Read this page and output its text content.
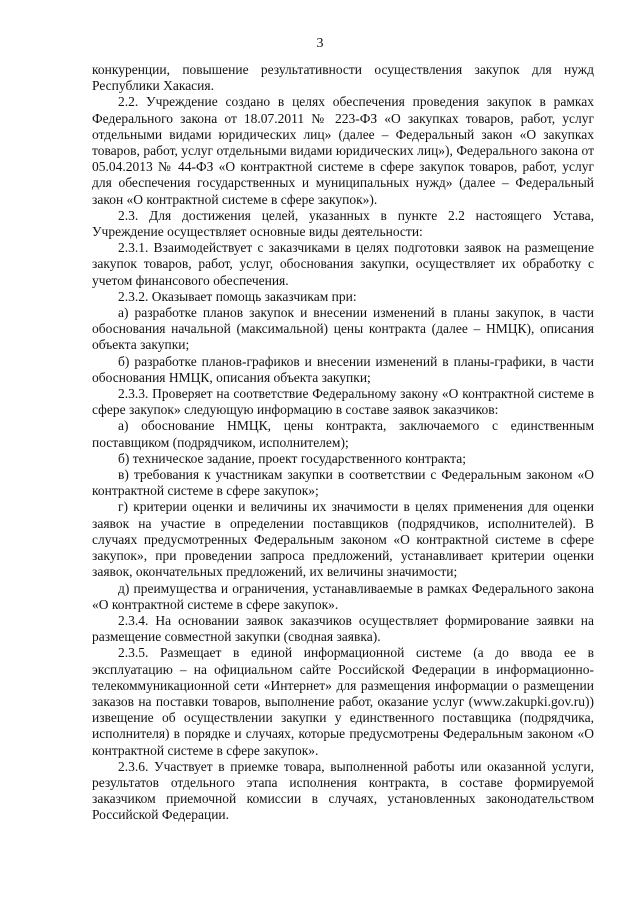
3

конкуренции, повышение результативности осуществления закупок для нужд Республики Хакасия.

2.2. Учреждение создано в целях обеспечения проведения закупок в рамках Федерального закона от 18.07.2011 № 223-ФЗ «О закупках товаров, работ, услуг отдельными видами юридических лиц» (далее – Федеральный закон «О закупках товаров, работ, услуг отдельными видами юридических лиц»), Федерального закона от 05.04.2013 № 44-ФЗ «О контрактной системе в сфере закупок товаров, работ, услуг для обеспечения государственных и муниципальных нужд» (далее – Федеральный закон «О контрактной системе в сфере закупок»).

2.3. Для достижения целей, указанных в пункте 2.2 настоящего Устава, Учреждение осуществляет основные виды деятельности:

2.3.1. Взаимодействует с заказчиками в целях подготовки заявок на размещение закупок товаров, работ, услуг, обоснования закупки, осуществляет их обработку с учетом финансового обеспечения.

2.3.2. Оказывает помощь заказчикам при:

а) разработке планов закупок и внесении изменений в планы закупок, в части обоснования начальной (максимальной) цены контракта (далее – НМЦК), описания объекта закупки;

б) разработке планов-графиков и внесении изменений в планы-графики, в части обоснования НМЦК, описания объекта закупки;

2.3.3. Проверяет на соответствие Федеральному закону «О контрактной системе в сфере закупок» следующую информацию в составе заявок заказчиков:

а) обоснование НМЦК, цены контракта, заключаемого с единственным поставщиком (подрядчиком, исполнителем);

б) техническое задание, проект государственного контракта;

в) требования к участникам закупки в соответствии с Федеральным законом «О контрактной системе в сфере закупок»;

г) критерии оценки и величины их значимости в целях применения для оценки заявок на участие в определении поставщиков (подрядчиков, исполнителей). В случаях предусмотренных Федеральным законом «О контрактной системе в сфере закупок», при проведении запроса предложений, устанавливает критерии оценки заявок, окончательных предложений, их величины значимости;

д) преимущества и ограничения, устанавливаемые в рамках Федерального закона «О контрактной системе в сфере закупок».

2.3.4. На основании заявок заказчиков осуществляет формирование заявки на размещение совместной закупки (сводная заявка).

2.3.5. Размещает в единой информационной системе (а до ввода ее в эксплуатацию – на официальном сайте Российской Федерации в информационно-телекоммуникационной сети «Интернет» для размещения информации о размещении заказов на поставки товаров, выполнение работ, оказание услуг (www.zakupki.gov.ru)) извещение об осуществлении закупки у единственного поставщика (подрядчика, исполнителя) в порядке и случаях, которые предусмотрены Федеральным законом «О контрактной системе в сфере закупок».

2.3.6. Участвует в приемке товара, выполненной работы или оказанной услуги, результатов отдельного этапа исполнения контракта, в составе формируемой заказчиком приемочной комиссии в случаях, установленных законодательством Российской Федерации.
